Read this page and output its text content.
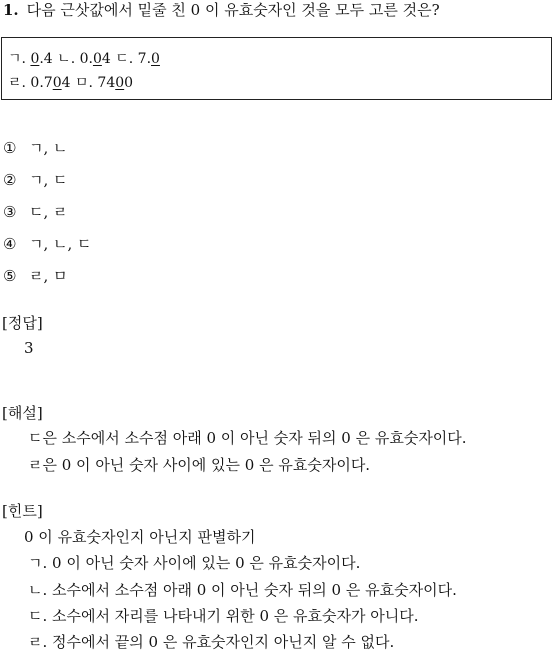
1. 다음 근삿값에서 밑줄 친 0 이 유효숫자인 것을 모두 고른 것은?
ㄱ. 0.4 ㄴ. 0.04 ㄷ. 7.0
ㄹ. 0.704 ㅁ. 7400
① ㄱ, ㄴ
② ㄱ, ㄷ
③ ㄷ, ㄹ
④ ㄱ, ㄴ, ㄷ
⑤ ㄹ, ㅁ
[정답]
3
[해설]
ㄷ은 소수에서 소수점 아래 0 이 아닌 숫자 뒤의 0 은 유효숫자이다.
ㄹ은 0 이 아닌 숫자 사이에 있는 0 은 유효숫자이다.
[힌트]
0 이 유효숫자인지 아닌지 판별하기
ㄱ. 0 이 아닌 숫자 사이에 있는 0 은 유효숫자이다.
ㄴ. 소수에서 소수점 아래 0 이 아닌 숫자 뒤의 0 은 유효숫자이다.
ㄷ. 소수에서 자리를 나타내기 위한 0 은 유효숫자가 아니다.
ㄹ. 정수에서 끝의 0 은 유효숫자인지 아닌지 알 수 없다.
